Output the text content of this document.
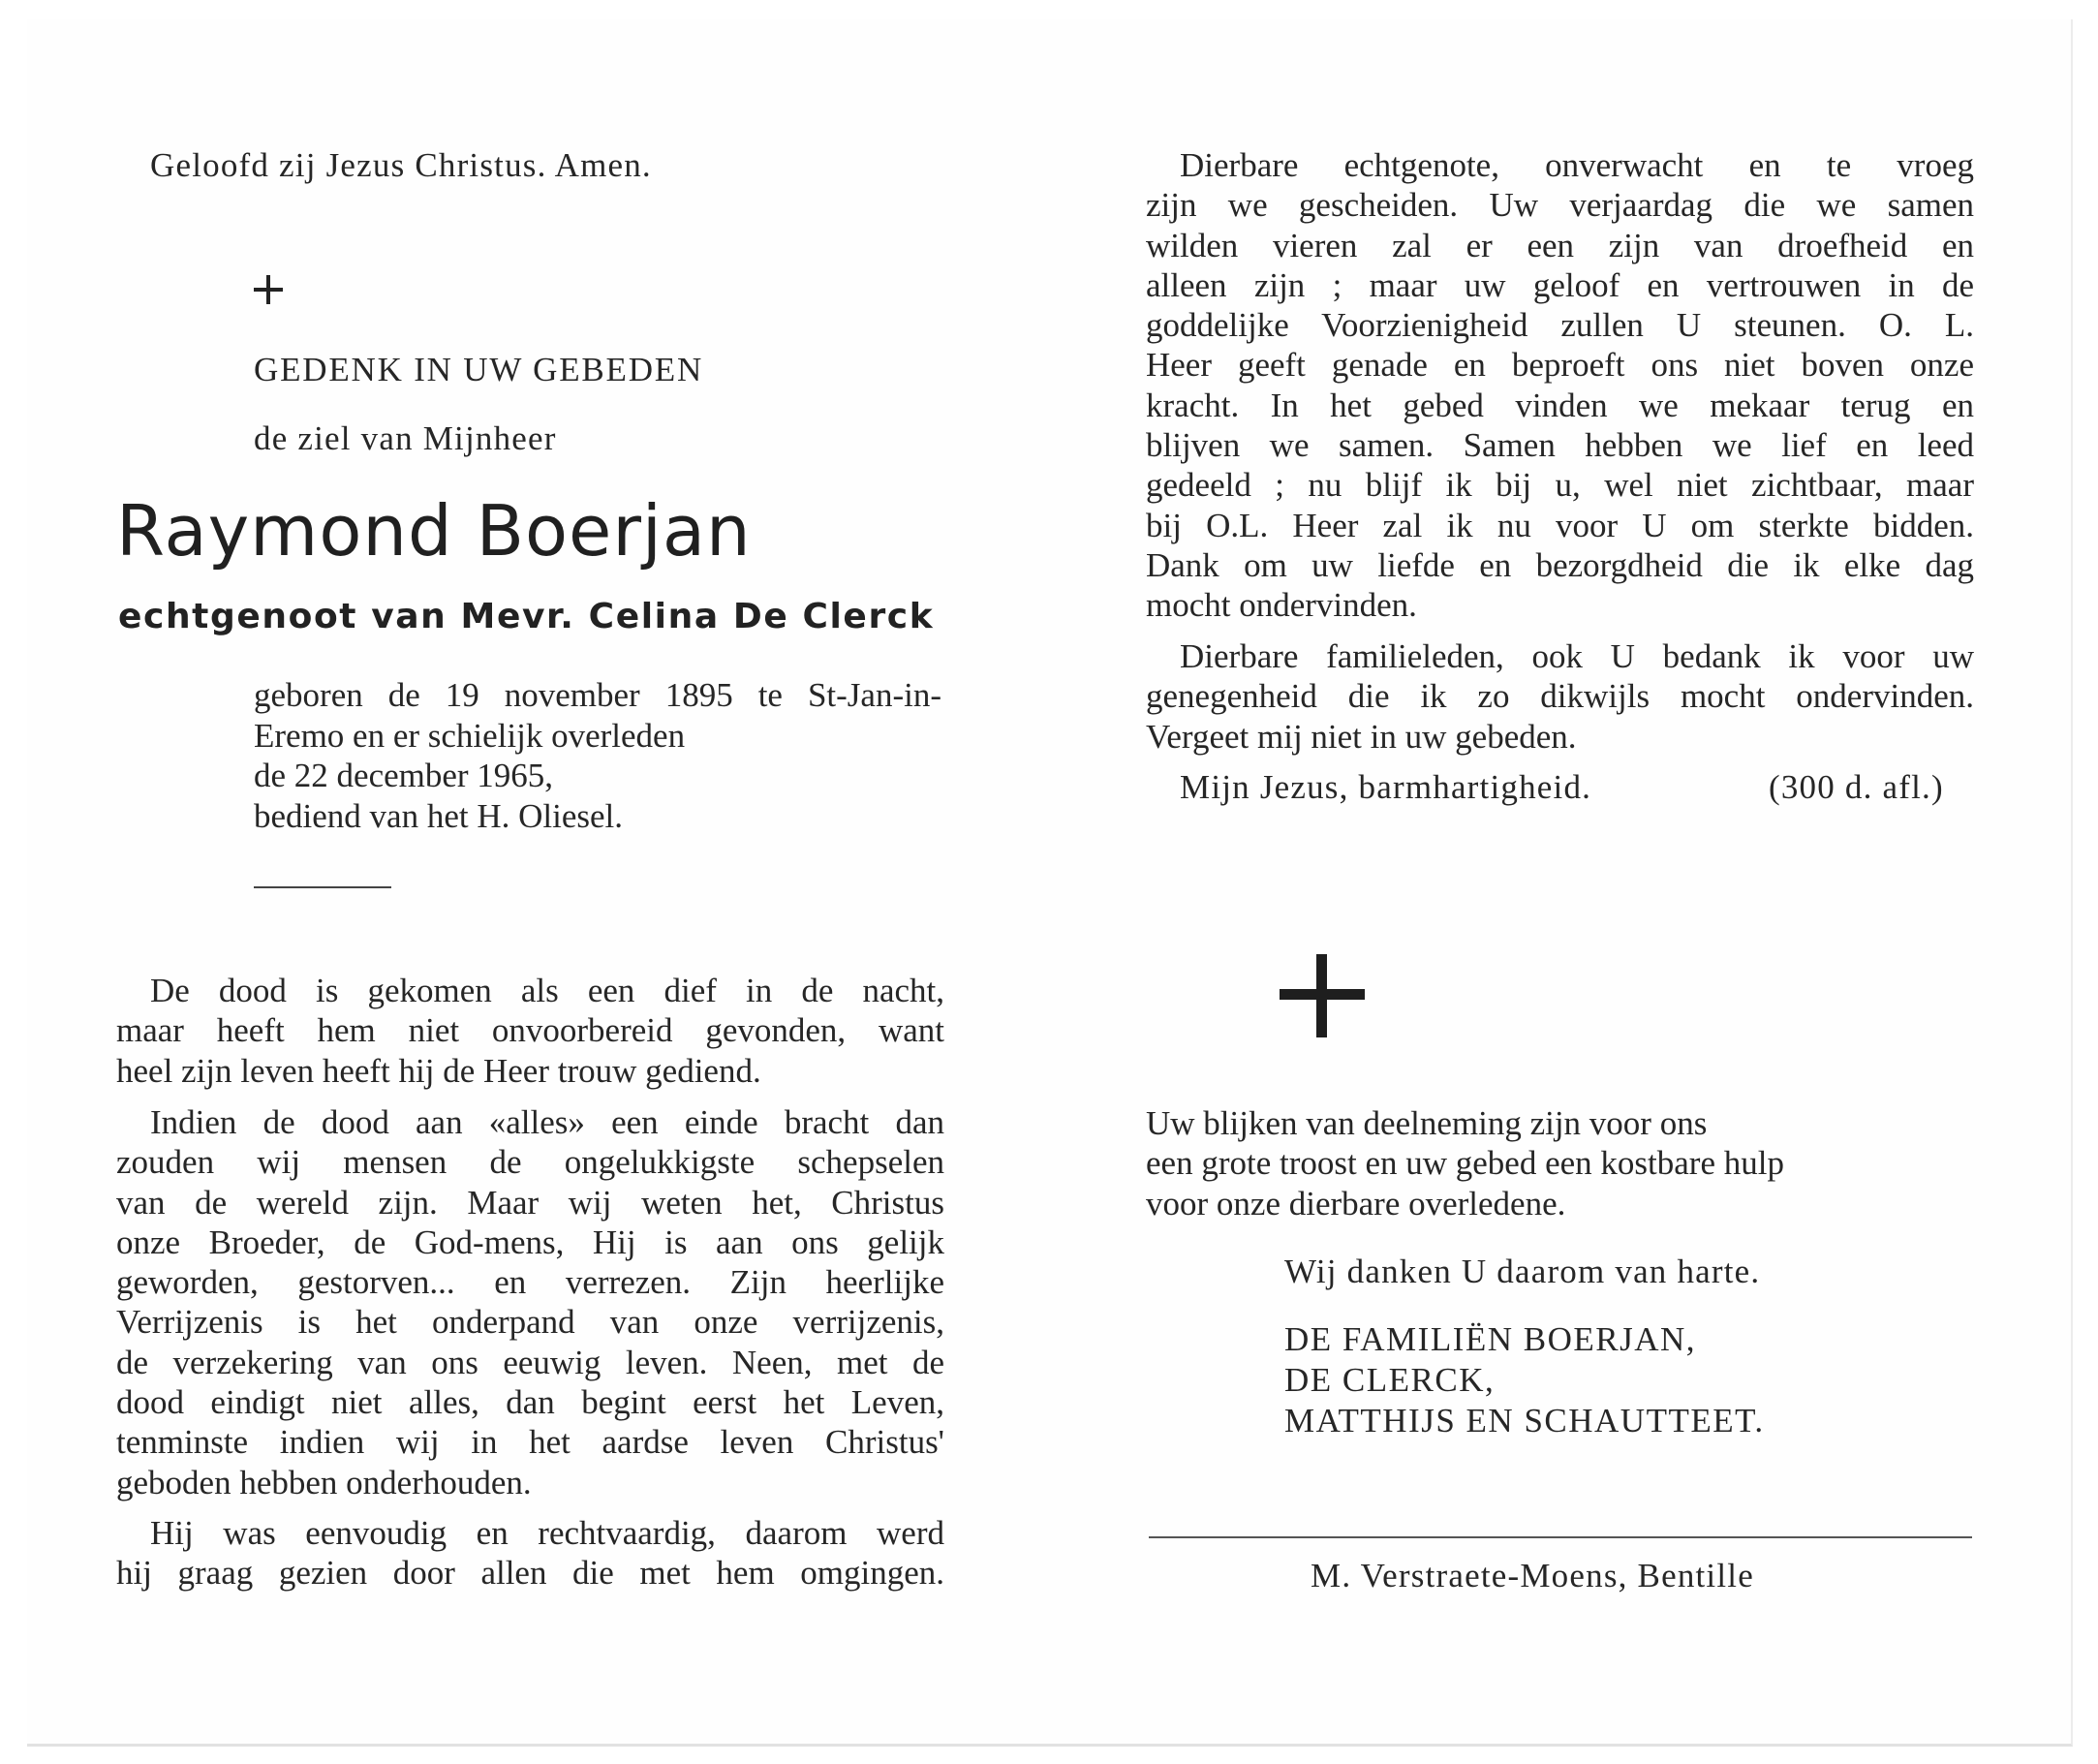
Geloofd zij Jezus Christus. Amen.
GEDENK IN UW GEBEDEN
de ziel van Mijnheer
Raymond Boerjan
echtgenoot van Mevr. Celina De Clerck
geboren de 19 november 1895 te St-Jan-in-
Eremo en er schielijk overleden
de 22 december 1965,
bediend van het H. Oliesel.
De dood is gekomen als een dief in de nacht,
maar heeft hem niet onvoorbereid gevonden, want
heel zijn leven heeft hij de Heer trouw gediend.
Indien de dood aan «alles» een einde bracht dan
zouden wij mensen de ongelukkigste schepselen
van de wereld zijn. Maar wij weten het, Christus
onze Broeder, de God-mens, Hij is aan ons gelijk
geworden, gestorven... en verrezen. Zijn heerlijke
Verrijzenis is het onderpand van onze verrijzenis,
de verzekering van ons eeuwig leven. Neen, met de
dood eindigt niet alles, dan begint eerst het Leven,
tenminste indien wij in het aardse leven Christus'
geboden hebben onderhouden.
Hij was eenvoudig en rechtvaardig, daarom werd
hij graag gezien door allen die met hem omgingen.
Dierbare echtgenote, onverwacht en te vroeg
zijn we gescheiden. Uw verjaardag die we samen
wilden vieren zal er een zijn van droefheid en
alleen zijn ; maar uw geloof en vertrouwen in de
goddelijke Voorzienigheid zullen U steunen. O. L.
Heer geeft genade en beproeft ons niet boven onze
kracht. In het gebed vinden we mekaar terug en
blijven we samen. Samen hebben we lief en leed
gedeeld ; nu blijf ik bij u, wel niet zichtbaar, maar
bij O.L. Heer zal ik nu voor U om sterkte bidden.
Dank om uw liefde en bezorgdheid die ik elke dag
mocht ondervinden.
Dierbare familieleden, ook U bedank ik voor uw
genegenheid die ik zo dikwijls mocht ondervinden.
Vergeet mij niet in uw gebeden.
Mijn Jezus, barmhartigheid.	(300 d. afl.)
Uw blijken van deelneming zijn voor ons
een grote troost en uw gebed een kostbare hulp
voor onze dierbare overledene.
Wij danken U daarom van harte.
DE FAMILIËN BOERJAN,
DE CLERCK,
MATTHIJS EN SCHAUTTEET.
M. Verstraete-Moens, Bentille
